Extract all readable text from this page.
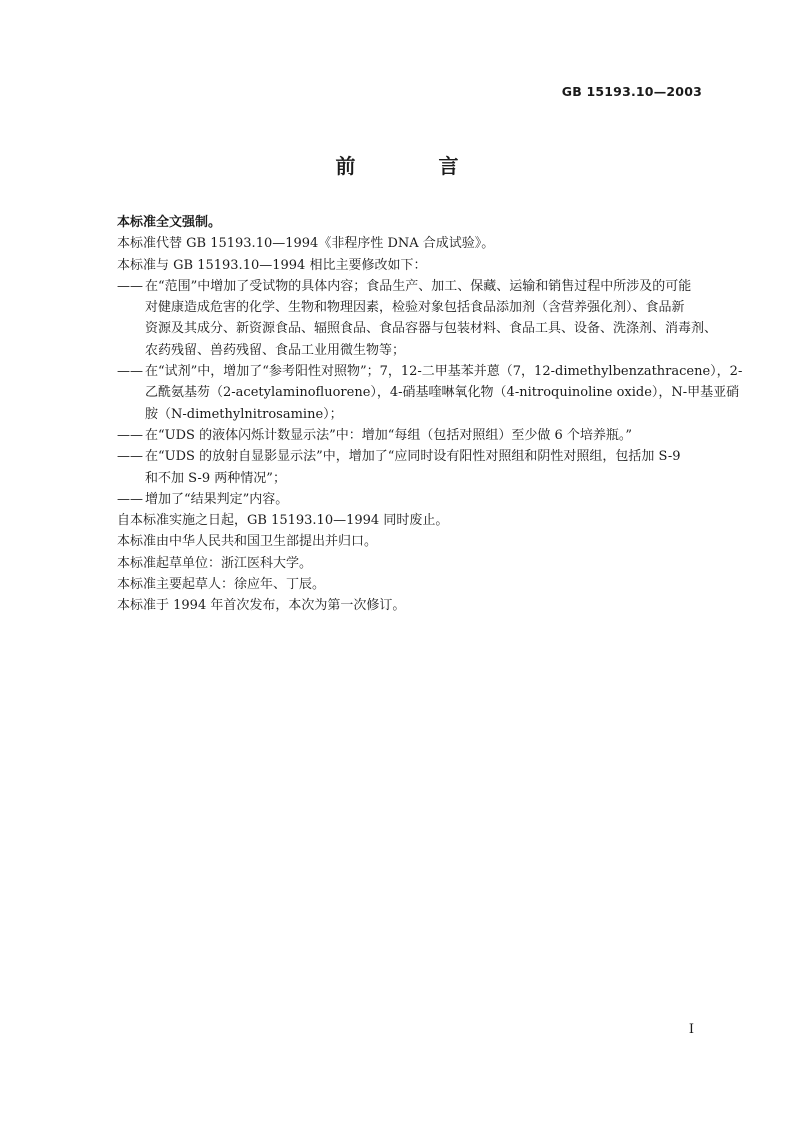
GB 15193.10—2003
前 言
本标准全文强制。
本标准代替 GB 15193.10—1994《非程序性 DNA 合成试验》。
本标准与 GB 15193.10—1994 相比主要修改如下：
—— 在“范围”中增加了受试物的具体内容；食品生产、加工、保藏、运输和销售过程中所涉及的可能
对健康造成危害的化学、生物和物理因素，检验对象包括食品添加剂（含营养强化剂）、食品新
资源及其成分、新资源食品、辐照食品、食品容器与包装材料、食品工具、设备、洗涤剂、消毒剂、
农药残留、兽药残留、食品工业用微生物等；
—— 在“试剂”中，增加了“参考阳性对照物”；7，12-二甲基苯并蒽（7，12-dimethylbenzathracene），2-
乙酰氨基芴（2-acetylaminofluorene），4-硝基喹啉氧化物（4-nitroquinoline oxide），N-甲基亚硝
胺（N-dimethylnitrosamine）；
—— 在“UDS 的液体闪烁计数显示法”中：增加“每组（包括对照组）至少做 6 个培养瓶。”
—— 在“UDS 的放射自显影显示法”中，增加了“应同时设有阳性对照组和阴性对照组，包括加 S-9
和不加 S-9 两种情况”；
—— 增加了“结果判定”内容。
自本标准实施之日起，GB 15193.10—1994 同时废止。
本标准由中华人民共和国卫生部提出并归口。
本标准起草单位：浙江医科大学。
本标准主要起草人：徐应年、丁辰。
本标准于 1994 年首次发布，本次为第一次修订。
I
